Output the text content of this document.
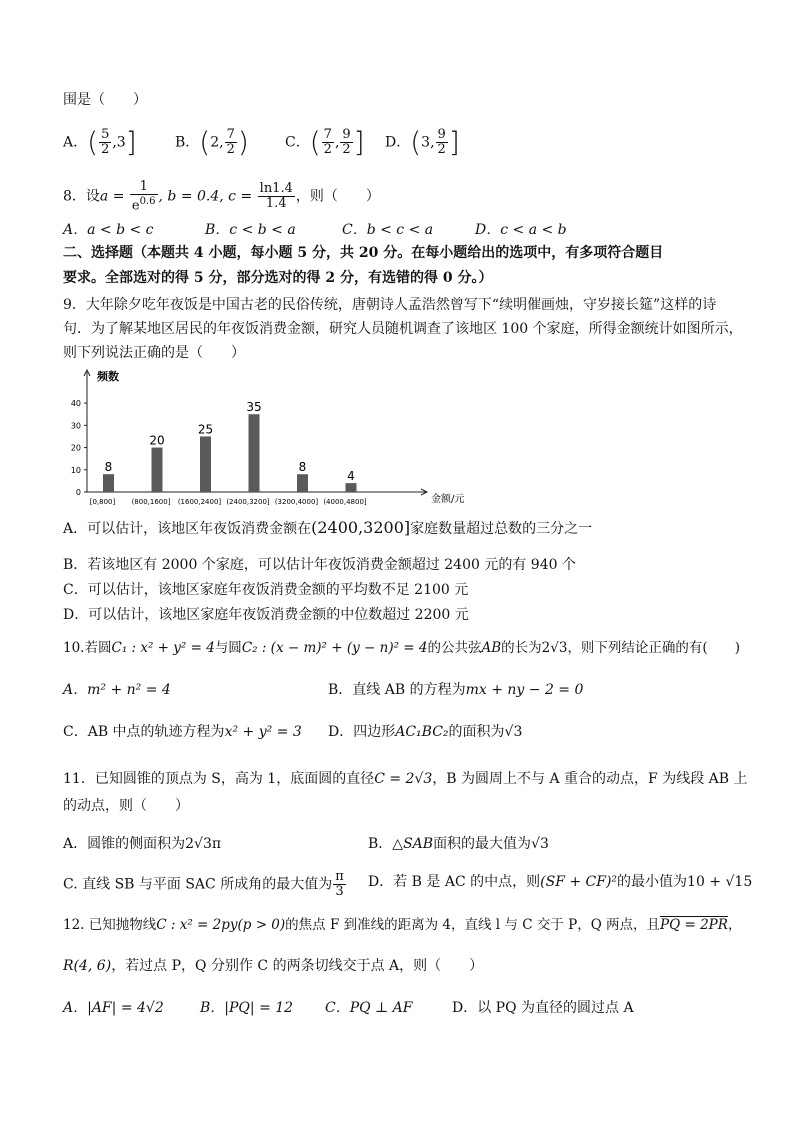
围是（　　）
A．( $\frac{5}{2} ,3$]	B．(2, $\frac{7}{2}$ )	C．( $\frac{7}{2}$ , $\frac{9}{2}$ ] D．(3, $\frac{9}{2}$ ]
8．设$a = \frac{1}{e^{0.6}}$ , b = 0.4, $c = \frac{\ln 1.4}{1.4}$ ，则（　　）
A．a < b < c	B．c < b < a	C．b < c < a	D．c < a < b
二、选择题（本题共 4 小题，每小题 5 分，共 20 分。在每小题给出的选项中，有多项符合题目
要求。全部选对的得 5 分，部分选对的得 2 分，有选错的得 0 分。）
9．大年除夕吃年夜饭是中国古老的民俗传统，唐朝诗人孟浩然曾写下“续明催画烛，守岁接长筵”这样的诗
句．为了解某地区居民的年夜饭消费金额，研究人员随机调查了该地区 100 个家庭，所得金额统计如图所示，
则下列说法正确的是（　　）
频数
金额/元
0
10
20
30
40
8
[0,800]
20
(800,1600]
25
(1600,2400]
35
(2400,3200]
8
(3200,4000]
4
(4000,4800]
A．可以估计，该地区年夜饭消费金额在(2400,3200]家庭数量超过总数的三分之一
B．若该地区有 2000 个家庭，可以估计年夜饭消费金额超过 2400 元的有 940 个
C．可以估计，该地区家庭年夜饭消费金额的平均数不足 2100 元
D．可以估计，该地区家庭年夜饭消费金额的中位数超过 2200 元
10.若圆C₁ : x² + y² = 4与圆C₂ : (x − m)² + (y − n)² = 4的公共弦AB的长为2√3，则下列结论正确的有(　　)
A．m² + n² = 4	B．直线 AB 的方程为mx + ny − 2 = 0
C．AB 中点的轨迹方程为x² + y² = 3 D．四边形AC₁BC₂的面积为√3
11．已知圆锥的顶点为 S，高为 1，底面圆的直径C = 2√3，B 为圆周上不与 A 重合的动点，F 为线段 AB 上
的动点，则（　　）
A．圆锥的侧面积为2√3π	B．△SAB面积的最大值为√3
C. 直线 SB 与平面 SAC 所成角的最大值为 $\frac{\pi}{3}$ D．若 B 是 AC 的中点，则(SF + CF)²的最小值为10 + √15
12. 已知抛物线C : x² = 2py(p > 0)的焦点 F 到准线的距离为 4，直线 l 与 C 交于 P，Q 两点，且PQ = 2PR，
R(4, 6)，若过点 P，Q 分别作 C 的两条切线交于点 A，则（　　）
A．|AF| = 4√2	B．|PQ| = 12 C．PQ ⊥ AF	D．以 PQ 为直径的圆过点 A
